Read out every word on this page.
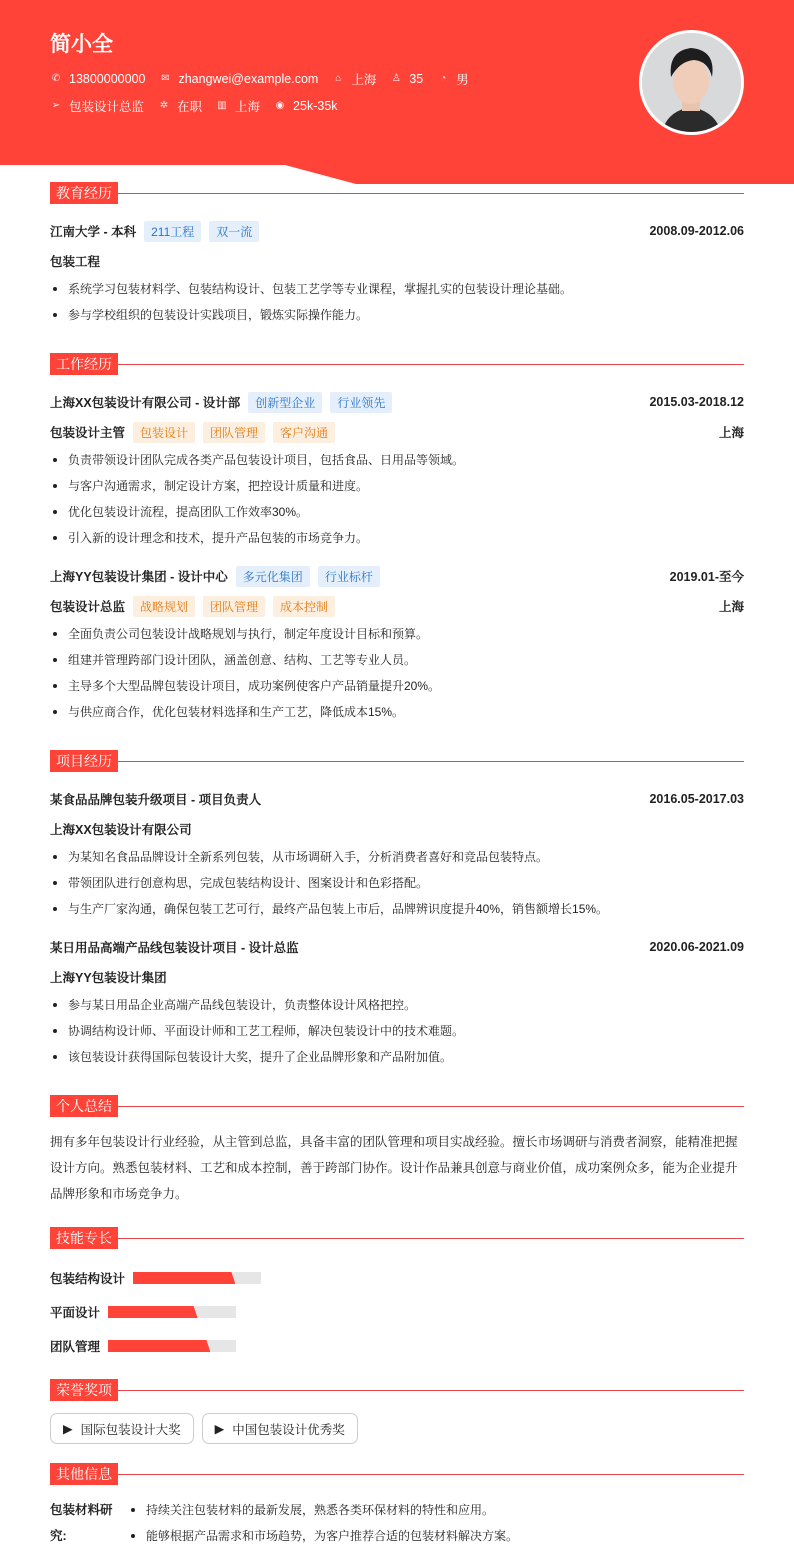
简小全
✆ 13800000000 ✉ zhangwei@example.com ⌂ 上海 ♙ 35 ◔ 男
➢ 包装设计总监 ✲ 在职 ▥ 上海 ◉ 25k-35k
教育经历
江南大学 - 本科	211工程	双一流	2008.09-2012.06
包装工程
系统学习包装材料学、包装结构设计、包装工艺学等专业课程，掌握扎实的包装设计理论基础。
参与学校组织的包装设计实践项目，锻炼实际操作能力。
工作经历
上海XX包装设计有限公司 - 设计部	创新型企业	行业领先	2015.03-2018.12
包装设计主管	包装设计	团队管理	客户沟通	上海
负责带领设计团队完成各类产品包装设计项目，包括食品、日用品等领域。
与客户沟通需求，制定设计方案，把控设计质量和进度。
优化包装设计流程，提高团队工作效率30%。
引入新的设计理念和技术，提升产品包装的市场竞争力。
上海YY包装设计集团 - 设计中心	多元化集团	行业标杆	2019.01-至今
包装设计总监	战略规划	团队管理	成本控制	上海
全面负责公司包装设计战略规划与执行，制定年度设计目标和预算。
组建并管理跨部门设计团队，涵盖创意、结构、工艺等专业人员。
主导多个大型品牌包装设计项目，成功案例使客户产品销量提升20%。
与供应商合作，优化包装材料选择和生产工艺，降低成本15%。
项目经历
某食品品牌包装升级项目 - 项目负责人	2016.05-2017.03
上海XX包装设计有限公司
为某知名食品品牌设计全新系列包装，从市场调研入手，分析消费者喜好和竞品包装特点。
带领团队进行创意构思，完成包装结构设计、图案设计和色彩搭配。
与生产厂家沟通，确保包装工艺可行，最终产品包装上市后，品牌辨识度提升40%，销售额增长15%。
某日用品高端产品线包装设计项目 - 设计总监	2020.06-2021.09
上海YY包装设计集团
参与某日用品企业高端产品线包装设计，负责整体设计风格把控。
协调结构设计师、平面设计师和工艺工程师，解决包装设计中的技术难题。
该包装设计获得国际包装设计大奖，提升了企业品牌形象和产品附加值。
个人总结

拥有多年包装设计行业经验，从主管到总监，具备丰富的团队管理和项目实战经验。擅长市场调研与消费者洞察，能精准把握设计方向。熟悉包装材料、工艺和成本控制，善于跨部门协作。设计作品兼具创意与商业价值，成功案例众多，能为企业提升品牌形象和市场竞争力。

技能专长
包装结构设计
平面设计
团队管理
荣誉奖项
▶ 国际包装设计大奖	▶ 中国包装设计优秀奖
其他信息
包装材料研究:
持续关注包装材料的最新发展，熟悉各类环保材料的特性和应用。
能够根据产品需求和市场趋势，为客户推荐合适的包装材料解决方案。
